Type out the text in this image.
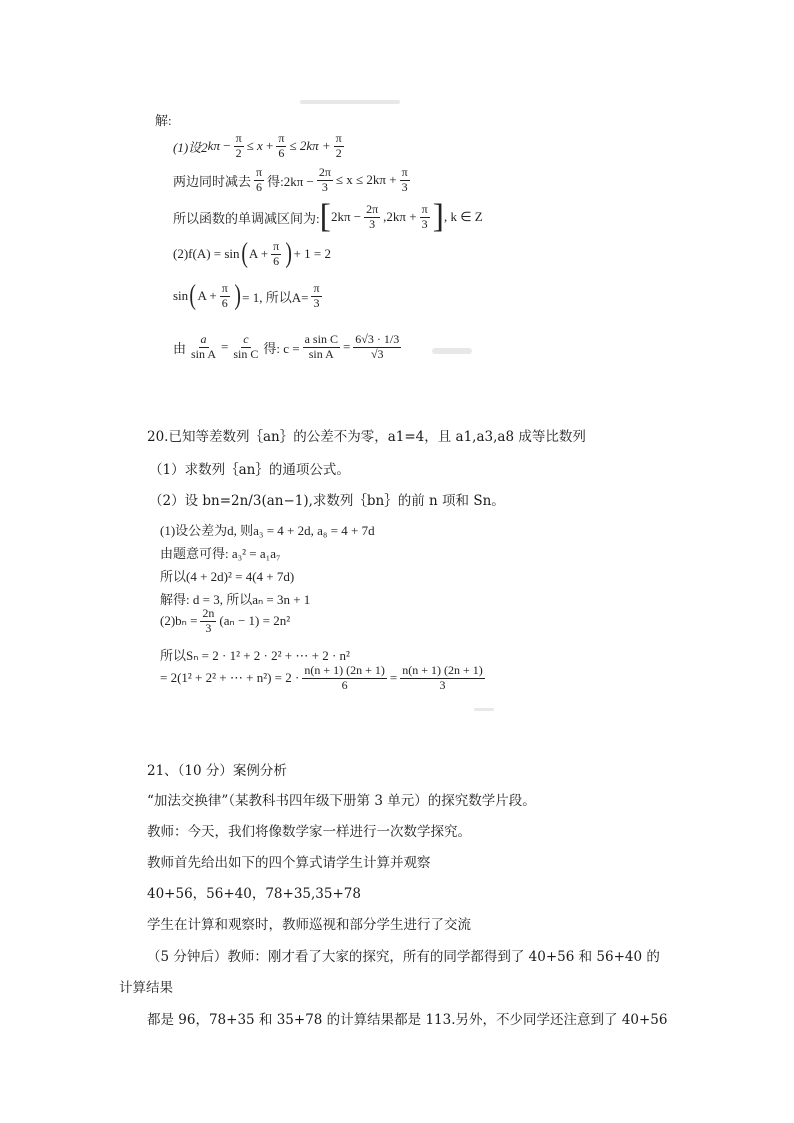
解:
(1)设2 kπ
− $\frac{\pi}{2}$ ≤
x
+ $\frac{\pi}{6}$ ≤
$2k\pi + \frac{\pi}{2}$
两边同时减去 $\frac{\pi}{6}$ 得:2kπ − $\frac{2\pi}{3} \le x \le 2k\pi + \frac{\pi}{3}$
所以函数的单调减区间为: [ $2k\pi - \frac{2\pi}{3} ,2k\pi + \frac{\pi}{3}$ ] , k ∈ Z
(2)f(A) = sin ( $A + \frac{\pi}{6}$ ) + 1 = 2
sin ( $A + \frac{\pi}{6}$ ) = 1, 所以$A= \frac{\pi}{3}$
由 $\frac{a}{\text{sin A}} = \frac{c}{\text{sin C}}$ 得: $c = \frac{\text{a sin C}}{\text{sin A}} = \frac{6√3 \cdot 1/3}{√3}$
20.已知等差数列｛an｝的公差不为零，a1=4，且 a1,a3,a8 成等比数列
（1）求数列｛an｝的通项公式。
（2）设 bn=2n/3(an−1),求数列｛bn｝的前 n 项和 Sn。
(1)设公差为d, 则a₃ = 4 + 2d, a₈ = 4 + 7d
由题意可得: a₃² = a₁a₇
所以(4 + 2d)² = 4(4 + 7d)
解得: d = 3, 所以aₙ = 3n + 1
$(2)b_n = \frac{2n}{3} (a_n - 1) = 2n^2$
所以Sₙ = 2 · 1² + 2 · 2² + ⋯ + 2 · n²
= 2(1² + 2² + ⋯ + $n^2) = 2 \cdot \frac{n(n + 1) (2n + 1)}{6} = \frac{n(n + 1) (2n + 1)}{3}$
21、（10 分）案例分析
“加法交换律”（某教科书四年级下册第 3 单元）的探究数学片段。
教师：今天，我们将像数学家一样进行一次数学探究。
教师首先给出如下的四个算式请学生计算并观察
40+56，56+40，78+35,35+78
学生在计算和观察时，教师巡视和部分学生进行了交流
（5 分钟后）教师：刚才看了大家的探究，所有的同学都得到了 40+56 和 56+40 的
计算结果
都是 96，78+35 和 35+78 的计算结果都是 113.另外，不少同学还注意到了 40+56
